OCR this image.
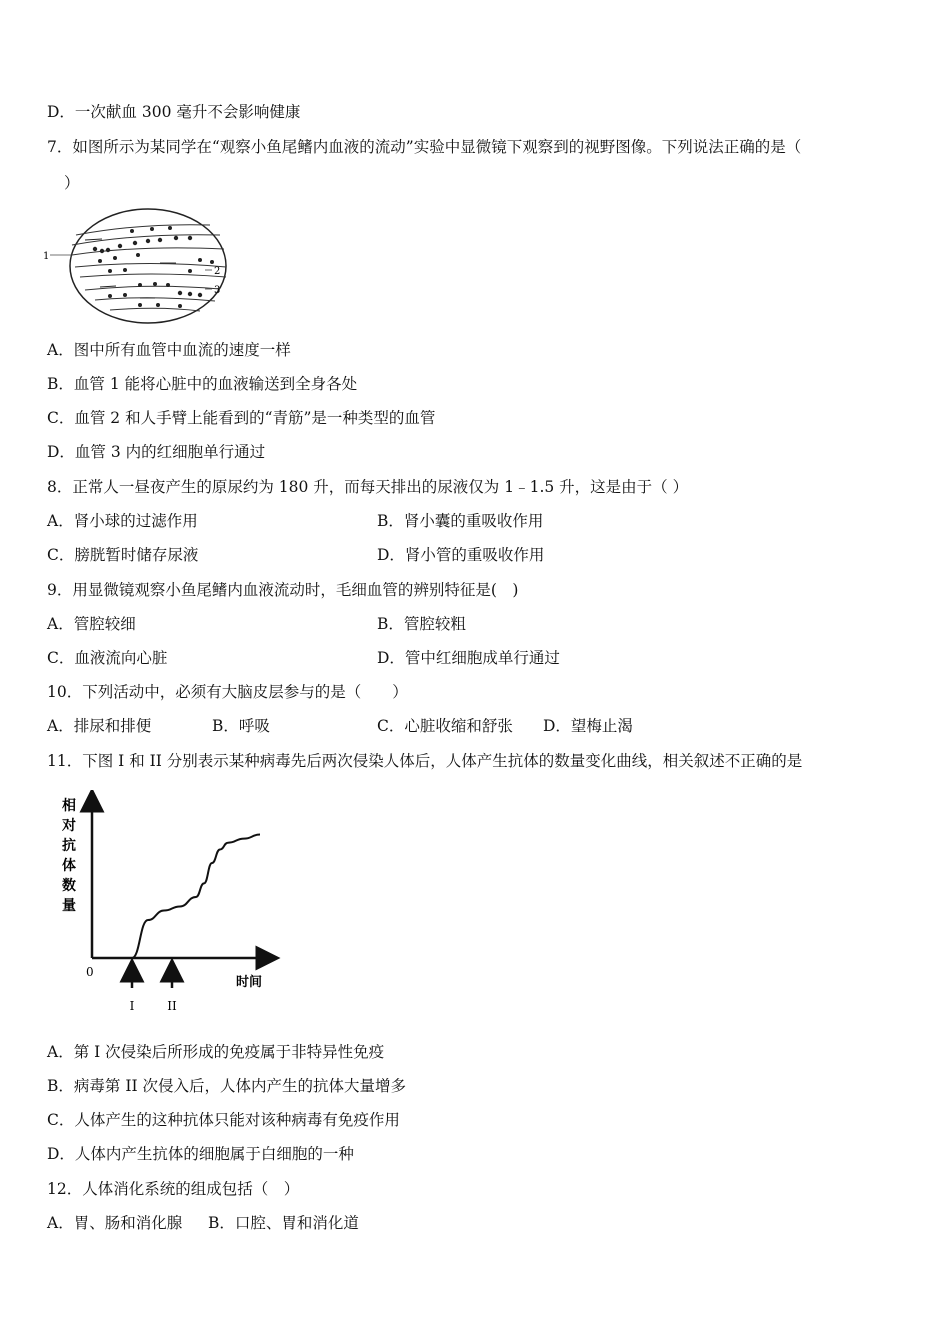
D．一次献血 300 毫升不会影响健康
7．如图所示为某同学在“观察小鱼尾鳍内血液的流动”实验中显微镜下观察到的视野图像。下列说法正确的是（
）
1
2
3
A．图中所有血管中血流的速度一样
B．血管 1 能将心脏中的血液输送到全身各处
C．血管 2 和人手臂上能看到的“青筋”是一种类型的血管
D．血管 3 内的红细胞单行通过
8．正常人一昼夜产生的原尿约为 180 升，而每天排出的尿液仅为 1﹣1.5 升，这是由于（ ）
A．肾小球的过滤作用	B．肾小囊的重吸收作用
C．膀胱暂时储存尿液	D．肾小管的重吸收作用
9．用显微镜观察小鱼尾鳍内血液流动时，毛细血管的辨别特征是(　)
A．管腔较细	B．管腔较粗
C．血液流向心脏	D．管中红细胞成单行通过
10．下列活动中，必须有大脑皮层参与的是（　　）
A．排尿和排便	B．呼吸	C．心脏收缩和舒张 D．望梅止渴
11．下图 I 和 II 分别表示某种病毒先后两次侵染人体后，人体产生抗体的数量变化曲线，相关叙述不正确的是
相
对
抗
体
数
量
0
时间
I	II
A．第 I 次侵染后所形成的免疫属于非特异性免疫
B．病毒第 II 次侵入后，人体内产生的抗体大量增多
C．人体产生的这种抗体只能对该种病毒有免疫作用
D．人体内产生抗体的细胞属于白细胞的一种
12．人体消化系统的组成包括（　）
A．胃、肠和消化腺 B．口腔、胃和消化道
